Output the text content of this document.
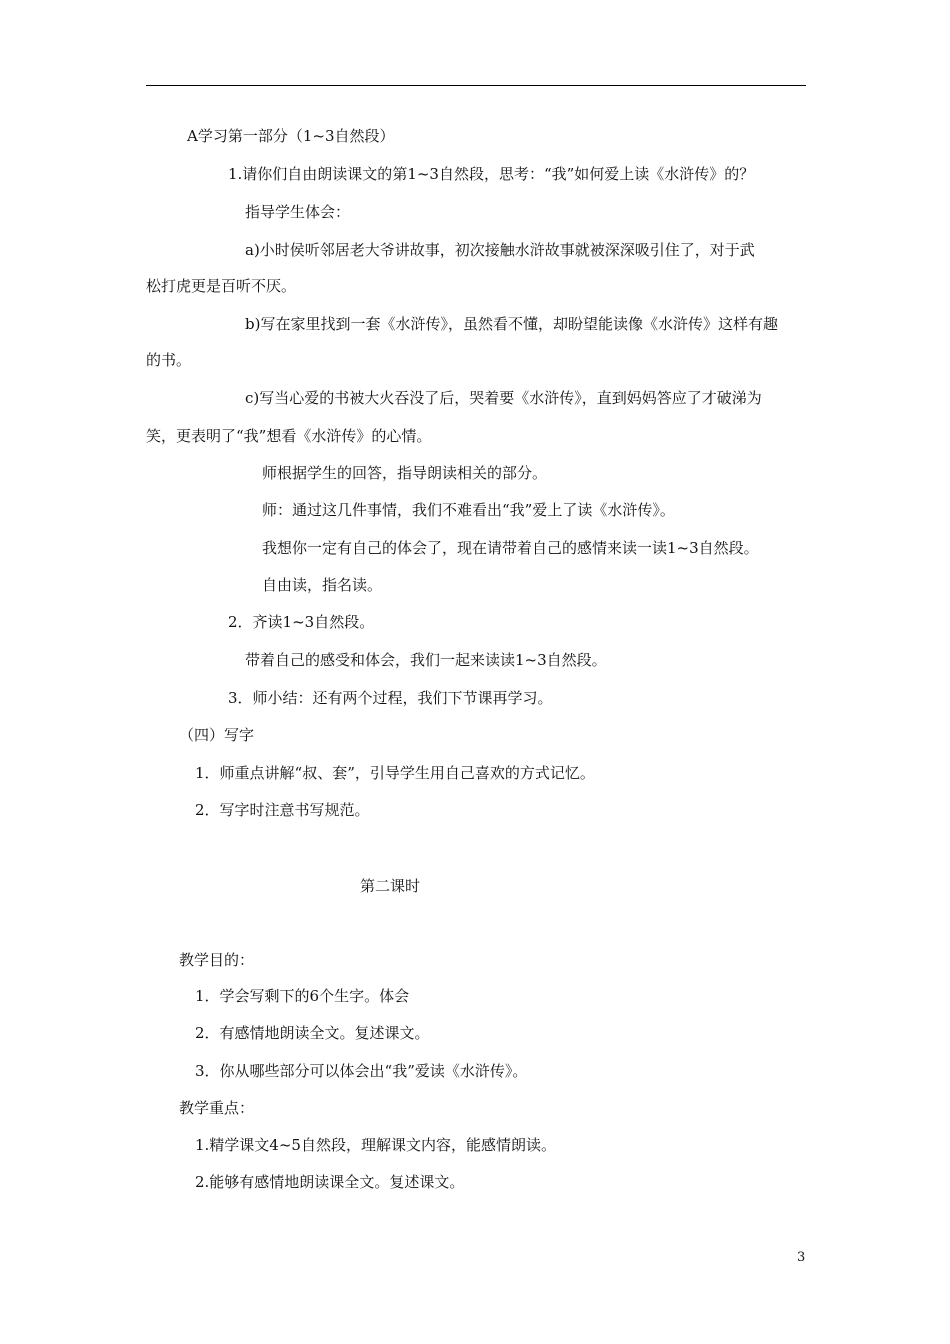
A学习第一部分（1~3自然段）
1.请你们自由朗读课文的第1~3自然段，思考：“我”如何爱上读《水浒传》的？
指导学生体会：
a)小时侯听邻居老大爷讲故事，初次接触水浒故事就被深深吸引住了，对于武
松打虎更是百听不厌。
b)写在家里找到一套《水浒传》，虽然看不懂，却盼望能读像《水浒传》这样有趣
的书。
c)写当心爱的书被大火吞没了后，哭着要《水浒传》，直到妈妈答应了才破涕为
笑，更表明了“我”想看《水浒传》的心情。
师根据学生的回答，指导朗读相关的部分。
师：通过这几件事情，我们不难看出“我”爱上了读《水浒传》。
我想你一定有自己的体会了，现在请带着自己的感情来读一读1~3自然段。
自由读，指名读。
2．齐读1~3自然段。
带着自己的感受和体会，我们一起来读读1~3自然段。
3．师小结：还有两个过程，我们下节课再学习。
（四）写字
1．师重点讲解“叔、套”，引导学生用自己喜欢的方式记忆。
2．写字时注意书写规范。
第二课时
教学目的：
1．学会写剩下的6个生字。体会
2．有感情地朗读全文。复述课文。
3．你从哪些部分可以体会出“我”爱读《水浒传》。
教学重点：
1.精学课文4~5自然段，理解课文内容，能感情朗读。
2.能够有感情地朗读课全文。复述课文。
3
